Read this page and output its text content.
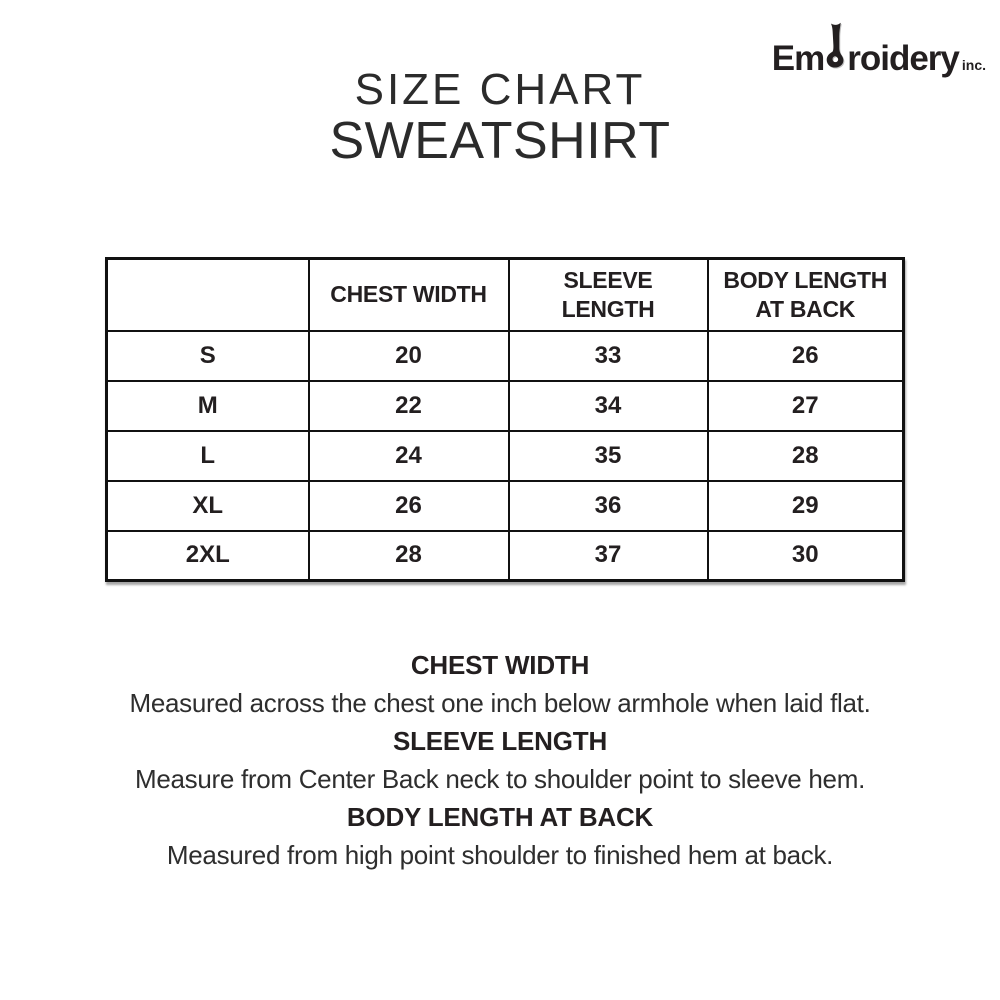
Em roidery inc.
SIZE CHART
SWEATSHIRT
	CHEST WIDTH	SLEEVE LENGTH	BODY LENGTH AT BACK
S	20	33	26
M	22	34	27
L	24	35	28
XL	26	36	29
2XL	28	37	30
CHEST WIDTH
Measured across the chest one inch below armhole when laid flat.
SLEEVE LENGTH
Measure from Center Back neck to shoulder point to sleeve hem.
BODY LENGTH AT BACK
Measured from high point shoulder to finished hem at back.
